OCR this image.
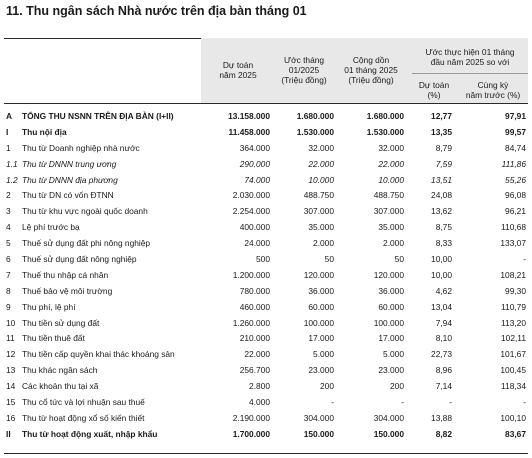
11. Thu ngân sách Nhà nước trên địa bàn tháng 01
Dự toán
năm 2025
Ước tháng
01/2025
(Triệu đồng)
Cộng dồn
01 tháng 2025
(Triệu đồng)
Ước thực hiện 01 tháng
đầu năm 2025 so với
Dự toán
(%)
Cùng kỳ
năm trước (%)
A	TỔNG THU NSNN TRÊN ĐỊA BÀN (I+II)	13.158.000	1.680.000	1.680.000	12,77	97,91
I	Thu nội địa	11.458.000	1.530.000	1.530.000	13,35	99,57
1	Thu từ Doanh nghiệp nhà nước	364.000	32.000	32.000	8,79	84,74
1.1	Thu từ DNNN trung ương	290.000	22.000	22.000	7,59	111,86
1.2	Thu từ DNNN địa phương	74.000	10.000	10.000	13,51	55,26
2	Thu từ DN có vốn ĐTNN	2.030.000	488.750	488.750	24,08	96,08
3	Thu từ khu vực ngoài quốc doanh	2.254.000	307.000	307.000	13,62	96,21
4	Lệ phí trước bạ	400.000	35.000	35.000	8,75	110,68
5	Thuế sử dụng đất phi nông nghiệp	24.000	2.000	2.000	8,33	133,07
6	Thuế sử dụng đất nông nghiệp	500	50	50	10,00	-
7	Thuế thu nhập cá nhân	1.200.000	120.000	120.000	10,00	108,21
8	Thuế bảo vệ môi trường	780.000	36.000	36.000	4,62	99,30
9	Thu phí, lệ phí	460.000	60.000	60.000	13,04	110,79
10	Thu tiền sử dụng đất	1.260.000	100.000	100.000	7,94	113,20
11	Thu tiền thuê đất	210.000	17.000	17.000	8,10	102,11
12	Thu tiền cấp quyền khai thác khoáng sản	22.000	5.000	5.000	22,73	101,67
13	Thu khác ngân sách	256.700	23.000	23.000	8,96	100,45
14	Các khoản thu tại xã	2.800	200	200	7,14	118,34
15	Thu cổ tức và lợi nhuận sau thuế	4.000	-	-	-	-
16	Thu từ hoạt động xổ số kiến thiết	2.190.000	304.000	304.000	13,88	100,10
II	Thu từ hoạt động xuất, nhập khẩu	1.700.000	150.000	150.000	8,82	83,67
